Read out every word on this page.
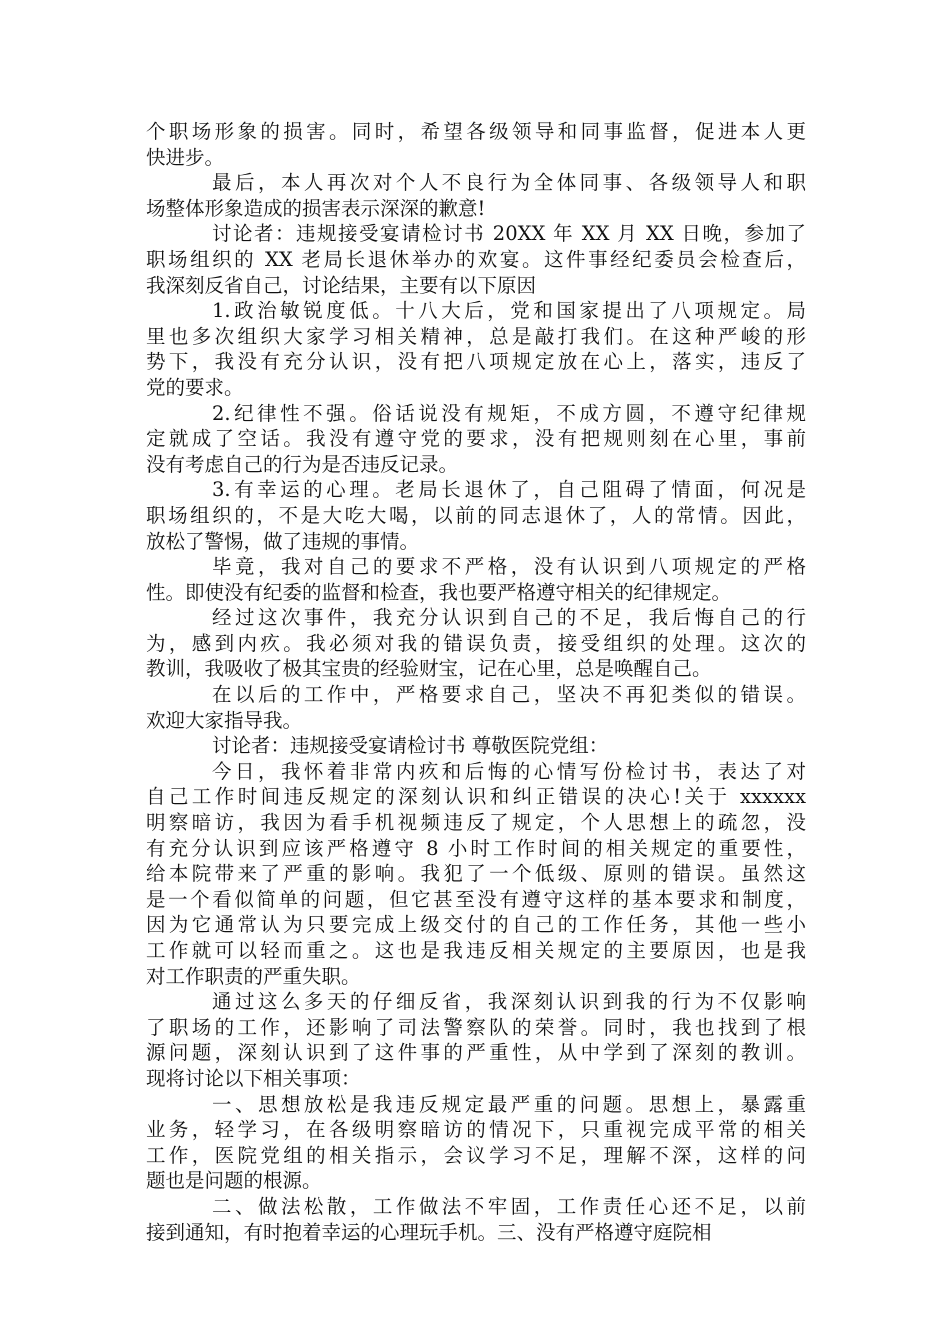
个职场形象的损害。同时，希望各级领导和同事监督，促进本人更
快进步。
最后，本人再次对个人不良行为全体同事、各级领导人和职
场整体形象造成的损害表示深深的歉意!
讨论者：违规接受宴请检讨书 20XX 年 XX 月 XX 日晚，参加了
职场组织的 XX 老局长退休举办的欢宴。这件事经纪委员会检查后，
我深刻反省自己，讨论结果，主要有以下原因
1.政治敏锐度低。十八大后，党和国家提出了八项规定。局
里也多次组织大家学习相关精神，总是敲打我们。在这种严峻的形
势下，我没有充分认识，没有把八项规定放在心上，落实，违反了
党的要求。
2.纪律性不强。俗话说没有规矩，不成方圆，不遵守纪律规
定就成了空话。我没有遵守党的要求，没有把规则刻在心里，事前
没有考虑自己的行为是否违反记录。
3.有幸运的心理。老局长退休了，自己阻碍了情面，何况是
职场组织的，不是大吃大喝，以前的同志退休了，人的常情。因此，
放松了警惕，做了违规的事情。
毕竟，我对自己的要求不严格，没有认识到八项规定的严格
性。即使没有纪委的监督和检查，我也要严格遵守相关的纪律规定。
经过这次事件，我充分认识到自己的不足，我后悔自己的行
为，感到内疚。我必须对我的错误负责，接受组织的处理。这次的
教训，我吸收了极其宝贵的经验财宝，记在心里，总是唤醒自己。
在以后的工作中，严格要求自己，坚决不再犯类似的错误。
欢迎大家指导我。
讨论者：违规接受宴请检讨书 尊敬医院党组：
今日，我怀着非常内疚和后悔的心情写份检讨书，表达了对
自己工作时间违反规定的深刻认识和纠正错误的决心!关于 xxxxxx
明察暗访，我因为看手机视频违反了规定，个人思想上的疏忽，没
有充分认识到应该严格遵守 8 小时工作时间的相关规定的重要性，
给本院带来了严重的影响。我犯了一个低级、原则的错误。虽然这
是一个看似简单的问题，但它甚至没有遵守这样的基本要求和制度，
因为它通常认为只要完成上级交付的自己的工作任务，其他一些小
工作就可以轻而重之。这也是我违反相关规定的主要原因，也是我
对工作职责的严重失职。
通过这么多天的仔细反省，我深刻认识到我的行为不仅影响
了职场的工作，还影响了司法警察队的荣誉。同时，我也找到了根
源问题，深刻认识到了这件事的严重性，从中学到了深刻的教训。
现将讨论以下相关事项：
一、思想放松是我违反规定最严重的问题。思想上，暴露重
业务，轻学习，在各级明察暗访的情况下，只重视完成平常的相关
工作，医院党组的相关指示，会议学习不足，理解不深，这样的问
题也是问题的根源。
二、做法松散，工作做法不牢固，工作责任心还不足，以前
接到通知，有时抱着幸运的心理玩手机。三、没有严格遵守庭院相
